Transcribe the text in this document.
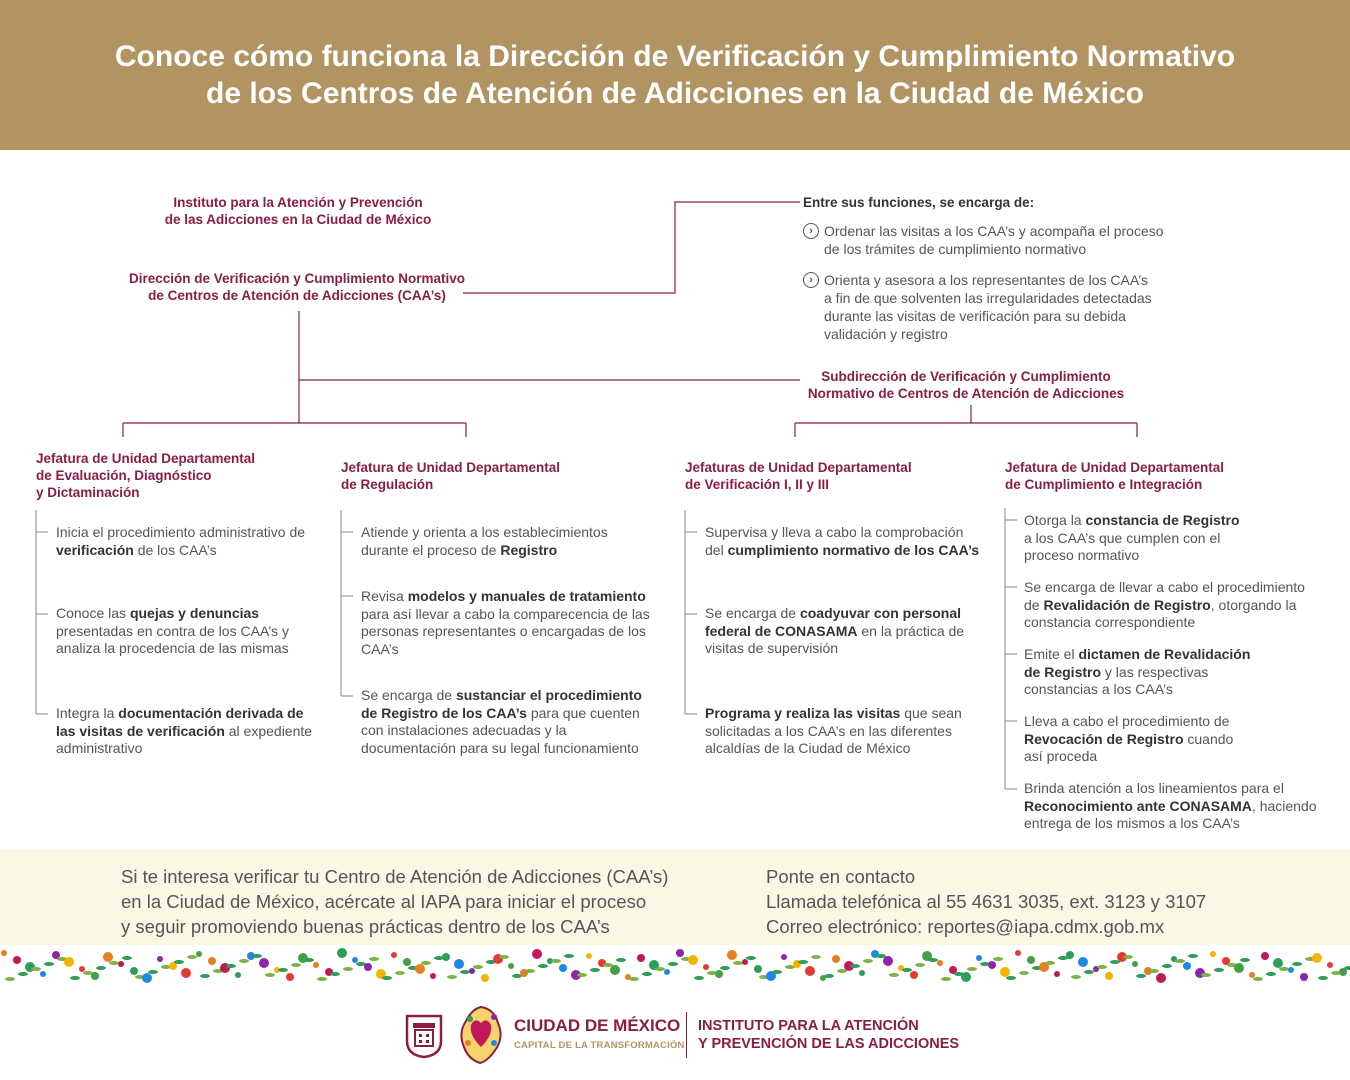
Conoce cómo funciona la Dirección de Verificación y Cumplimiento Normativo
de los Centros de Atención de Adicciones en la Ciudad de México
Instituto para la Atención y Prevención
de las Adicciones en la Ciudad de México
Dirección de Verificación y Cumplimiento Normativo
de Centros de Atención de Adicciones (CAA’s)
Subdirección de Verificación y Cumplimiento
Normativo de Centros de Atención de Adicciones
Entre sus funciones, se encarga de:
› Ordenar las visitas a los CAA’s y acompaña el proceso
de los trámites de cumplimiento normativo
› Orienta y asesora a los representantes de los CAA’s
a fin de que solventen las irregularidades detectadas
durante las visitas de verificación para su debida
validación y registro
Jefatura de Unidad Departamental
de Evaluación, Diagnóstico
y Dictaminación
Jefatura de Unidad Departamental
de Regulación
Jefaturas de Unidad Departamental
de Verificación I, II y III
Jefatura de Unidad Departamental
de Cumplimiento e Integración
Inicia el procedimiento administrativo de verificación de los CAA’s
Conoce las quejas y denuncias presentadas en contra de los CAA’s y analiza la procedencia de las mismas
Integra la documentación derivada de las visitas de verificación al expediente administrativo
Atiende y orienta a los establecimientos durante el proceso de Registro
Revisa modelos y manuales de tratamiento para así llevar a cabo la comparecencia de las personas representantes o encargadas de los CAA’s
Se encarga de sustanciar el procedimiento de Registro de los CAA’s para que cuenten con instalaciones adecuadas y la documentación para su legal funcionamiento
Supervisa y lleva a cabo la comprobación del cumplimiento normativo de los CAA’s
Se encarga de coadyuvar con personal federal de CONASAMA en la práctica de visitas de supervisión
Programa y realiza las visitas que sean solicitadas a los CAA’s en las diferentes alcaldías de la Ciudad de México
Otorga la constancia de Registro a los CAA’s que cumplen con el proceso normativo
Se encarga de llevar a cabo el procedimiento de Revalidación de Registro, otorgando la constancia correspondiente
Emite el dictamen de Revalidación de Registro y las respectivas constancias a los CAA’s
Lleva a cabo el procedimiento de Revocación de Registro cuando así proceda
Brinda atención a los lineamientos para el Reconocimiento ante CONASAMA, haciendo entrega de los mismos a los CAA’s
Si te interesa verificar tu Centro de Atención de Adicciones (CAA’s)
en la Ciudad de México, acércate al IAPA para iniciar el proceso
y seguir promoviendo buenas prácticas dentro de los CAA’s
Ponte en contacto
Llamada telefónica al 55 4631 3035, ext. 3123 y 3107
Correo electrónico: reportes@iapa.cdmx.gob.mx
CIUDAD DE MÉXICO
CAPITAL DE LA TRANSFORMACIÓN
INSTITUTO PARA LA ATENCIÓN
Y PREVENCIÓN DE LAS ADICCIONES
